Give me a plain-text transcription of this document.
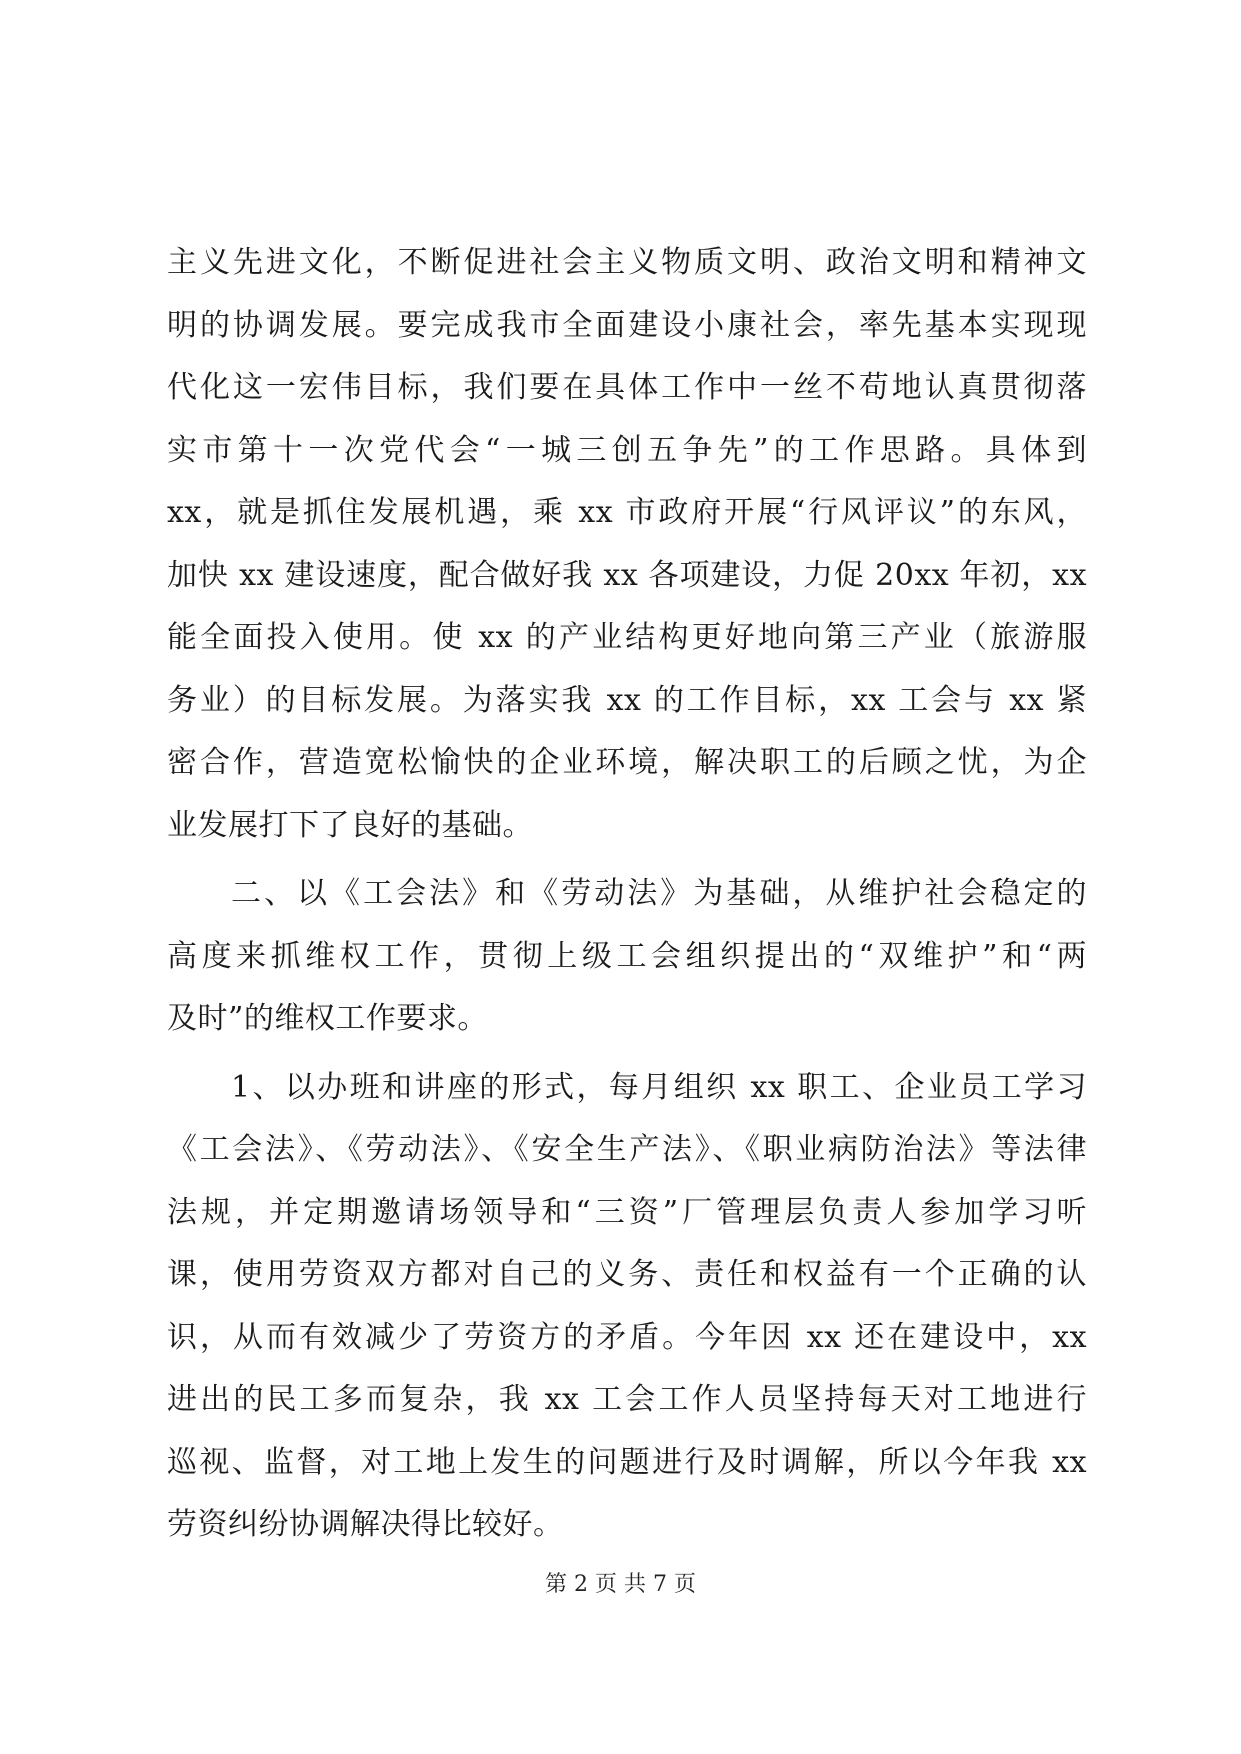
主义先进文化，不断促进社会主义物质文明、政治文明和精神文
明的协调发展。要完成我市全面建设小康社会，率先基本实现现
代化这一宏伟目标，我们要在具体工作中一丝不苟地认真贯彻落
实市第十一次党代会“一城三创五争先”的工作思路。具体到
xx，就是抓住发展机遇，乘 xx 市政府开展“行风评议”的东风，
加快 xx 建设速度，配合做好我 xx 各项建设，力促 20xx 年初，xx
能全面投入使用。使 xx 的产业结构更好地向第三产业（旅游服
务业）的目标发展。为落实我 xx 的工作目标，xx 工会与 xx 紧
密合作，营造宽松愉快的企业环境，解决职工的后顾之忧，为企
业发展打下了良好的基础。
二、以《工会法》和《劳动法》为基础，从维护社会稳定的
高度来抓维权工作，贯彻上级工会组织提出的“双维护”和“两
及时”的维权工作要求。
1、以办班和讲座的形式，每月组织 xx 职工、企业员工学习
《工会法》、《劳动法》、《安全生产法》、《职业病防治法》等法律
法规，并定期邀请场领导和“三资”厂管理层负责人参加学习听
课，使用劳资双方都对自己的义务、责任和权益有一个正确的认
识，从而有效减少了劳资方的矛盾。今年因 xx 还在建设中，xx
进出的民工多而复杂，我 xx 工会工作人员坚持每天对工地进行
巡视、监督，对工地上发生的问题进行及时调解，所以今年我 xx
劳资纠纷协调解决得比较好。
第 2 页 共 7 页
